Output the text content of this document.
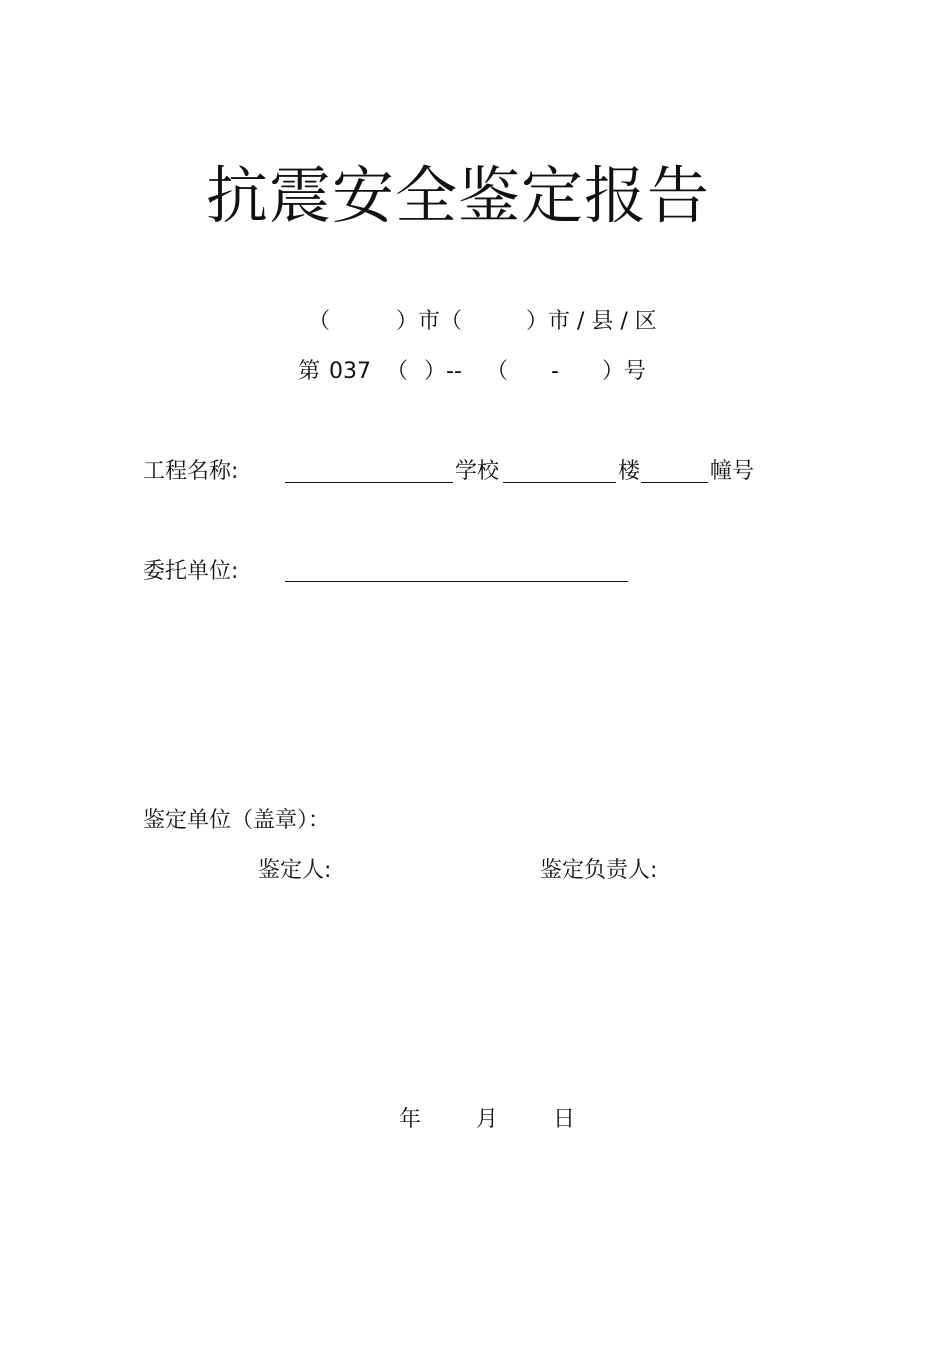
抗震安全鉴定报告
（	）市（	）市 / 县 / 区
第 037 （ ）-- （ - ）号
工程名称:	学校	楼	幢号
委托单位:
鉴定单位（盖章）：
鉴定人:	鉴定负责人:
年 月 日
